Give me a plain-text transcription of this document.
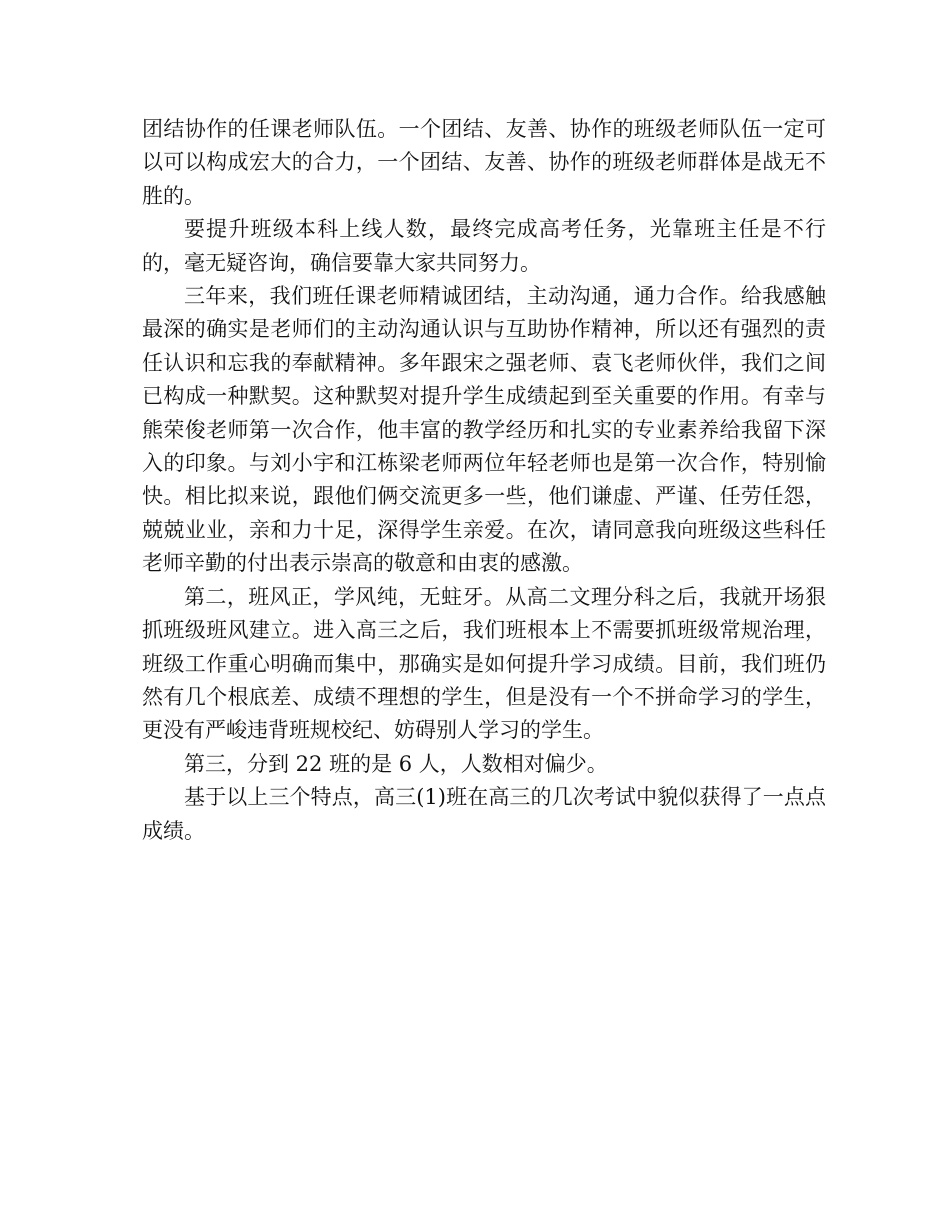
团结协作的任课老师队伍。一个团结、友善、协作的班级老师队伍一定可以可以构成宏大的合力，一个团结、友善、协作的班级老师群体是战无不胜的。

要提升班级本科上线人数，最终完成高考任务，光靠班主任是不行的，毫无疑咨询，确信要靠大家共同努力。

三年来，我们班任课老师精诚团结，主动沟通，通力合作。给我感触最深的确实是老师们的主动沟通认识与互助协作精神，所以还有强烈的责任认识和忘我的奉献精神。多年跟宋之强老师、袁飞老师伙伴，我们之间已构成一种默契。这种默契对提升学生成绩起到至关重要的作用。有幸与熊荣俊老师第一次合作，他丰富的教学经历和扎实的专业素养给我留下深入的印象。与刘小宇和江栋梁老师两位年轻老师也是第一次合作，特别愉快。相比拟来说，跟他们俩交流更多一些，他们谦虚、严谨、任劳任怨，兢兢业业，亲和力十足，深得学生亲爱。在次，请同意我向班级这些科任老师辛勤的付出表示崇高的敬意和由衷的感激。

第二，班风正，学风纯，无蛀牙。从高二文理分科之后，我就开场狠抓班级班风建立。进入高三之后，我们班根本上不需要抓班级常规治理，班级工作重心明确而集中，那确实是如何提升学习成绩。目前，我们班仍然有几个根底差、成绩不理想的学生，但是没有一个不拼命学习的学生，更没有严峻违背班规校纪、妨碍别人学习的学生。

第三，分到 22 班的是 6 人，人数相对偏少。

基于以上三个特点，高三(1)班在高三的几次考试中貌似获得了一点点成绩。
